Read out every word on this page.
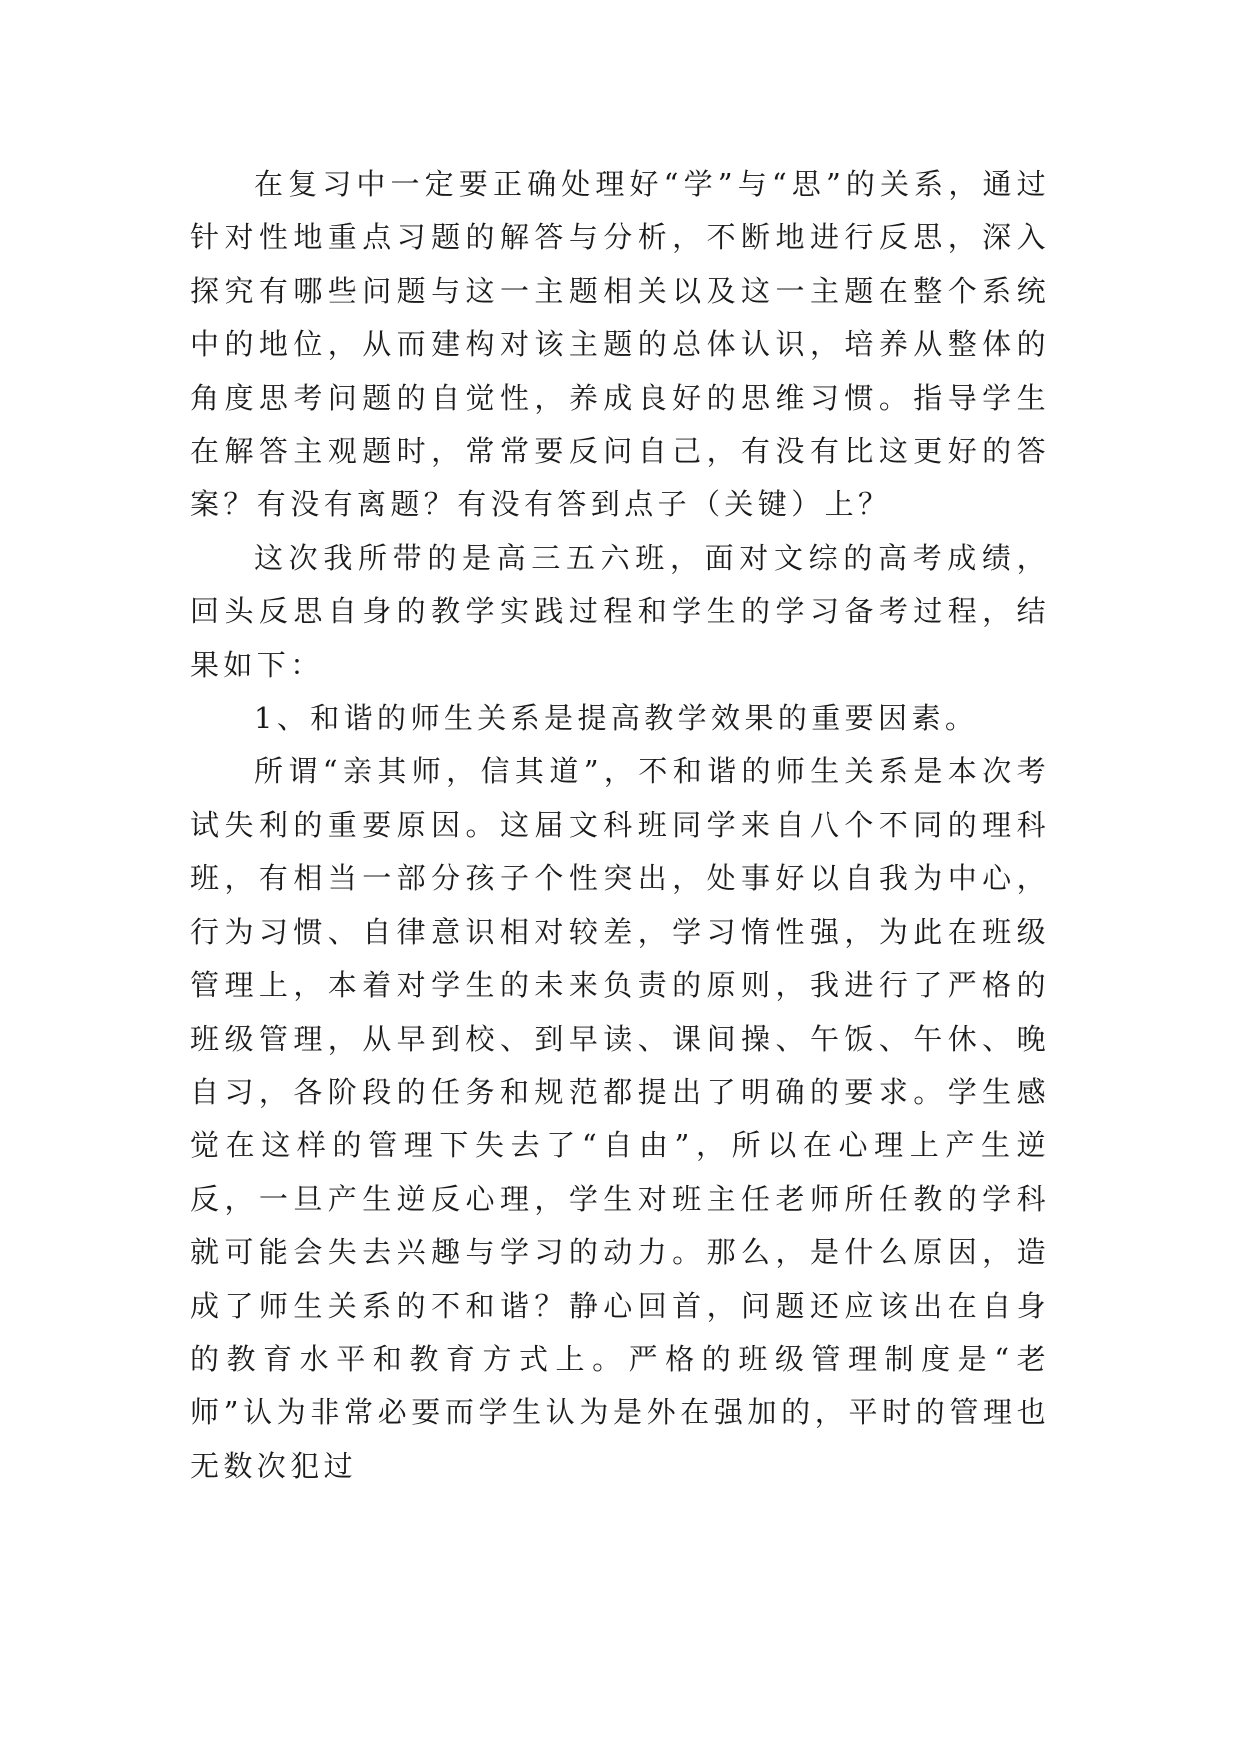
在复习中一定要正确处理好“学”与“思”的关系，通过针对性地重点习题的解答与分析，不断地进行反思，深入探究有哪些问题与这一主题相关以及这一主题在整个系统中的地位，从而建构对该主题的总体认识，培养从整体的角度思考问题的自觉性，养成良好的思维习惯。指导学生在解答主观题时，常常要反问自己，有没有比这更好的答案？有没有离题？有没有答到点子（关键）上？

这次我所带的是高三五六班，面对文综的高考成绩，回头反思自身的教学实践过程和学生的学习备考过程，结果如下：

1、和谐的师生关系是提高教学效果的重要因素。

所谓“亲其师，信其道”，不和谐的师生关系是本次考试失利的重要原因。这届文科班同学来自八个不同的理科班，有相当一部分孩子个性突出，处事好以自我为中心，行为习惯、自律意识相对较差，学习惰性强，为此在班级管理上，本着对学生的未来负责的原则，我进行了严格的班级管理，从早到校、到早读、课间操、午饭、午休、晚自习，各阶段的任务和规范都提出了明确的要求。学生感觉在这样的管理下失去了“自由”，所以在心理上产生逆反，一旦产生逆反心理，学生对班主任老师所任教的学科就可能会失去兴趣与学习的动力。那么，是什么原因，造成了师生关系的不和谐？静心回首，问题还应该出在自身的教育水平和教育方式上。严格的班级管理制度是“老师”认为非常必要而学生认为是外在强加的，平时的管理也无数次犯过
